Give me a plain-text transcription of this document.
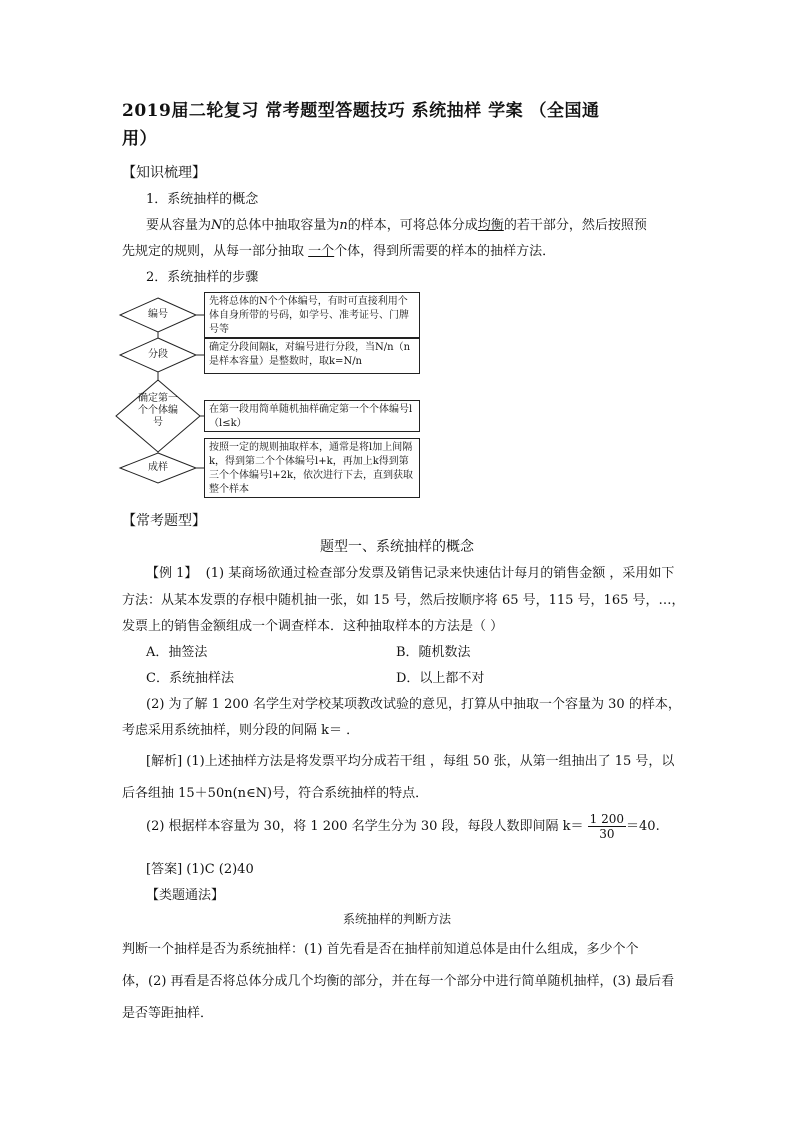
2019届二轮复习 常考题型答题技巧 系统抽样 学案 （全国通
用）
【知识梳理】
1．系统抽样的概念
要从容量为N的总体中抽取容量为n的样本，可将总体分成均衡的若干部分，然后按照预
先规定的规则，从每一部分抽取 一个个体，得到所需要的样本的抽样方法．
2．系统抽样的步骤
编号
分段
确定第一个个体编号
成样
先将总体的N个个体编号，有时可直接利用个体自身所带的号码，如学号、准考证号、门牌号等
确定分段间隔k，对编号进行分段，当N/n（n是样本容量）是整数时，取k=N/n
在第一段用简单随机抽样确定第一个个体编号l（l≤k）
按照一定的规则抽取样本，通常是将l加上间隔k，得到第二个个体编号l+k，再加上k得到第三个个体编号l+2k，依次进行下去，直到获取整个样本
【常考题型】
题型一、系统抽样的概念
【例 1】 (1) 某商场欲通过检查部分发票及销售记录来快速估计每月的销售金额 ，采用如下
方法：从某本发票的存根中随机抽一张，如 15 号，然后按顺序将 65 号，115 号，165 号，…，
发票上的销售金额组成一个调查样本．这种抽取样本的方法是（ ）
A．抽签法	B．随机数法
C．系统抽样法	D．以上都不对
(2) 为了解 1 200 名学生对学校某项教改试验的意见，打算从中抽取一个容量为 30 的样本，
考虑采用系统抽样，则分段的间隔 k＝ ．
[解析] (1)上述抽样方法是将发票平均分成若干组 ，每组 50 张，从第一组抽出了 15 号，以
后各组抽 15＋50n(n∈N)号，符合系统抽样的特点．
(2) 根据样本容量为 30，将 1 200 名学生分为 30 段，每段人数即间隔 $k= \frac{1 200}{30} =40$.
[答案] (1)C (2)40
【类题通法】
系统抽样的判断方法
判断一个抽样是否为系统抽样：(1) 首先看是否在抽样前知道总体是由什么组成，多少个个
体，(2) 再看是否将总体分成几个均衡的部分，并在每一个部分中进行简单随机抽样，(3) 最后看
是否等距抽样．
